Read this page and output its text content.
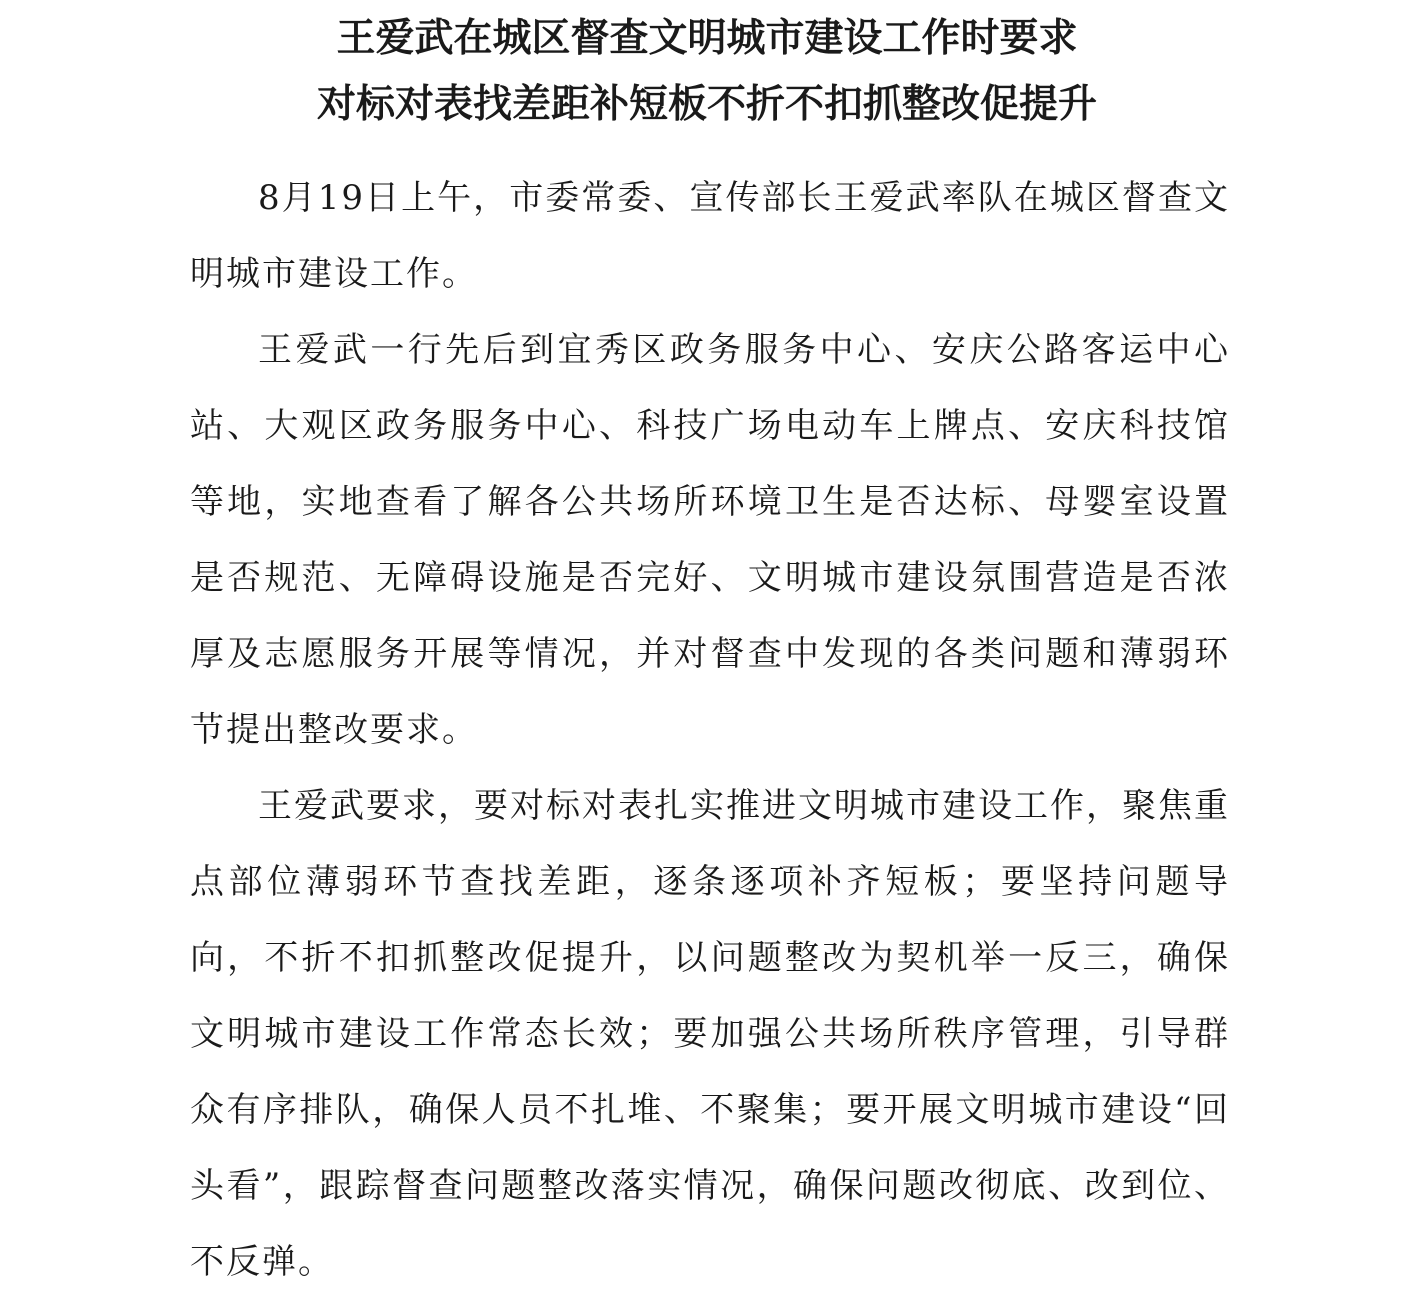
王爱武在城区督查文明城市建设工作时要求
对标对表找差距补短板不折不扣抓整改促提升

8月19日上午，市委常委、宣传部长王爱武率队在城区督查文明城市建设工作。

王爱武一行先后到宜秀区政务服务中心、安庆公路客运中心站、大观区政务服务中心、科技广场电动车上牌点、安庆科技馆等地，实地查看了解各公共场所环境卫生是否达标、母婴室设置是否规范、无障碍设施是否完好、文明城市建设氛围营造是否浓厚及志愿服务开展等情况，并对督查中发现的各类问题和薄弱环节提出整改要求。

王爱武要求，要对标对表扎实推进文明城市建设工作，聚焦重点部位薄弱环节查找差距，逐条逐项补齐短板；要坚持问题导向，不折不扣抓整改促提升，以问题整改为契机举一反三，确保文明城市建设工作常态长效；要加强公共场所秩序管理，引导群众有序排队，确保人员不扎堆、不聚集；要开展文明城市建设“回头看”，跟踪督查问题整改落实情况，确保问题改彻底、改到位、不反弹。
